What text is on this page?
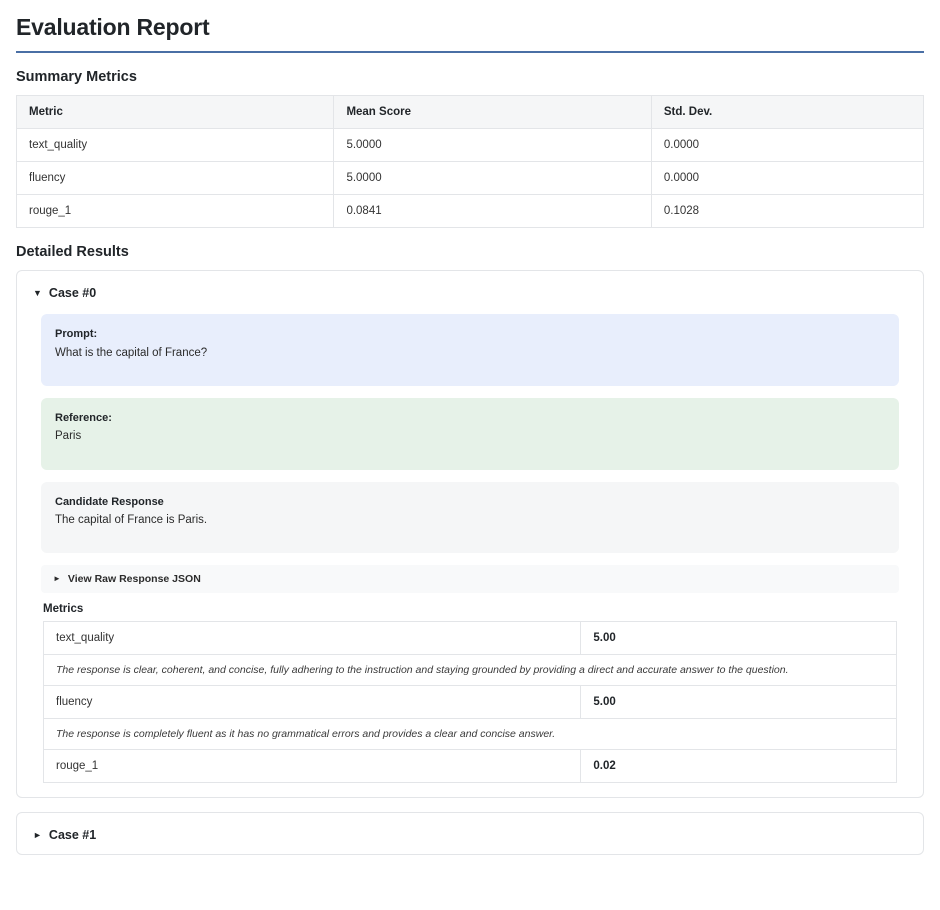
Evaluation Report
Summary Metrics
Metric	Mean Score	Std. Dev.
text_quality	5.0000	0.0000
fluency	5.0000	0.0000
rouge_1	0.0841	0.1028
Detailed Results
▼ Case #0
Prompt:
What is the capital of France?
Reference:
Paris
Candidate Response
The capital of France is Paris.
► View Raw Response JSON
Metrics
text_quality	5.00
The response is clear, coherent, and concise, fully adhering to the instruction and staying grounded by providing a direct and accurate answer to the question.	
fluency	5.00
The response is completely fluent as it has no grammatical errors and provides a clear and concise answer.	
rouge_1	0.02
► Case #1
